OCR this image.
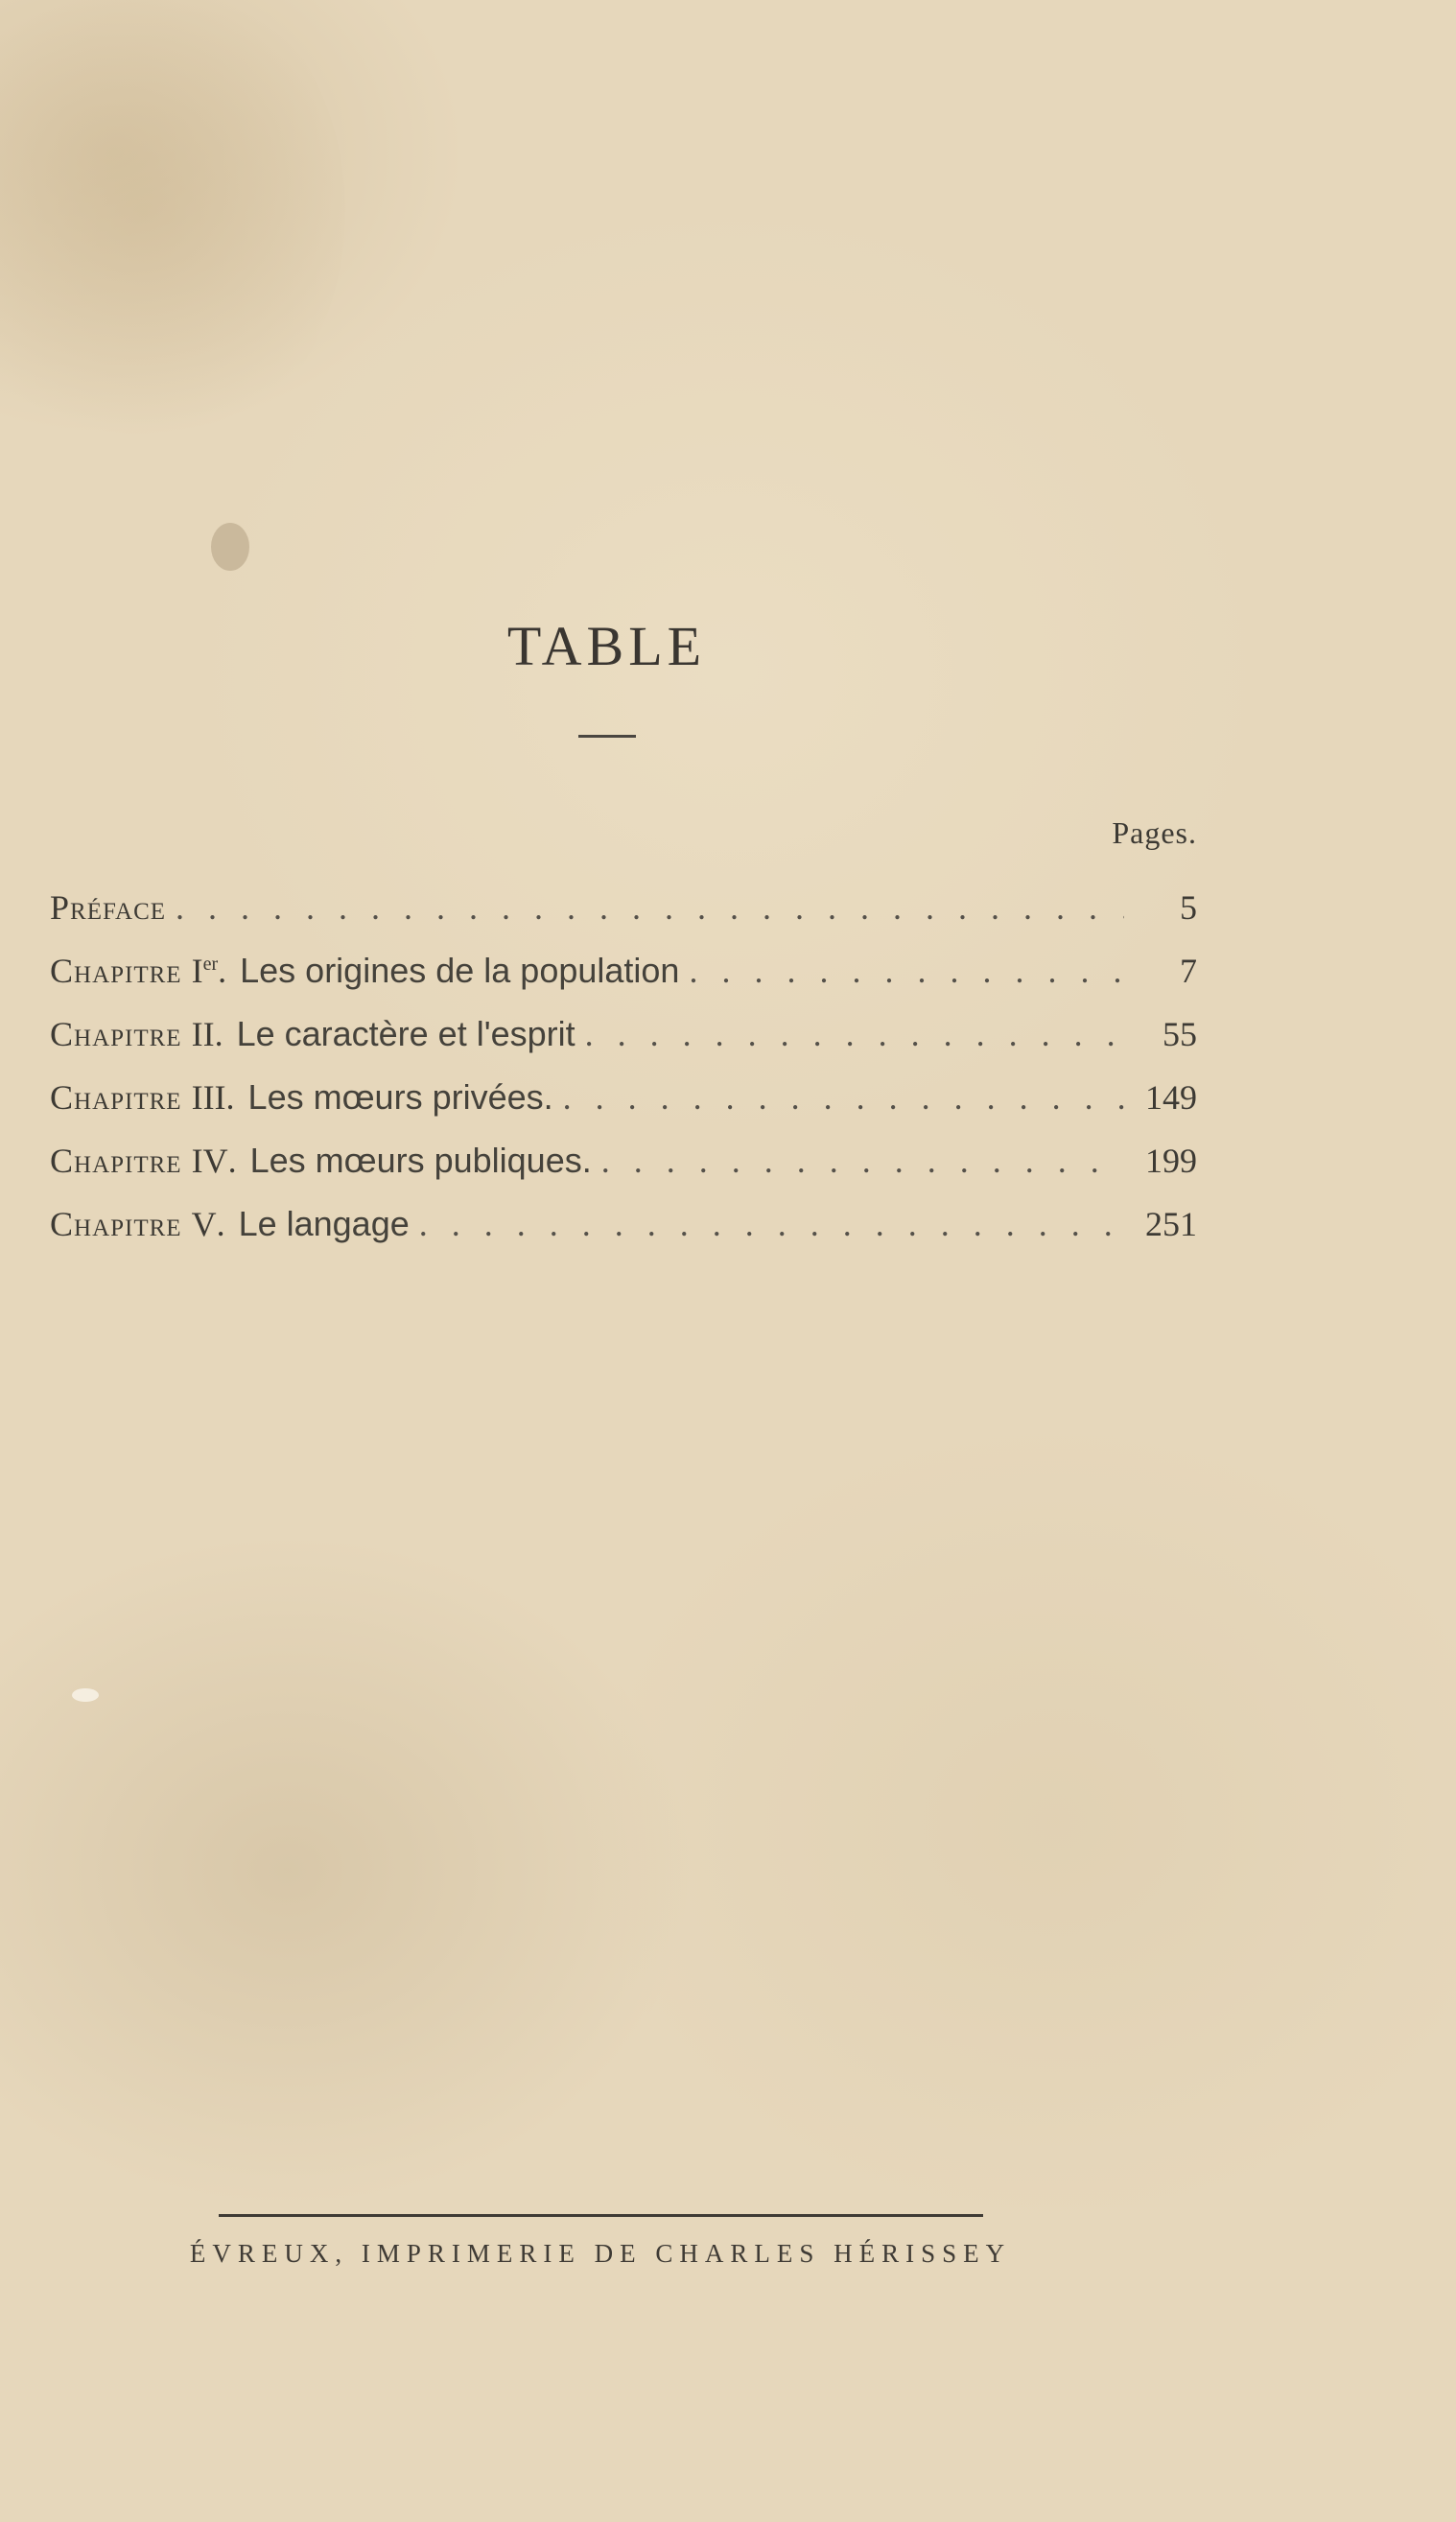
TABLE
Pages.
Préface . . .	5
Chapitre Ier . Les origines de la population . . .	7
Chapitre II . Le caractère et l'esprit . . .	55
Chapitre III . Les mœurs privées. . . .	149
Chapitre IV . Les mœurs publiques. . . .	199
Chapitre V . Le langage . . .	251
ÉVREUX, IMPRIMERIE DE CHARLES HÉRISSEY
